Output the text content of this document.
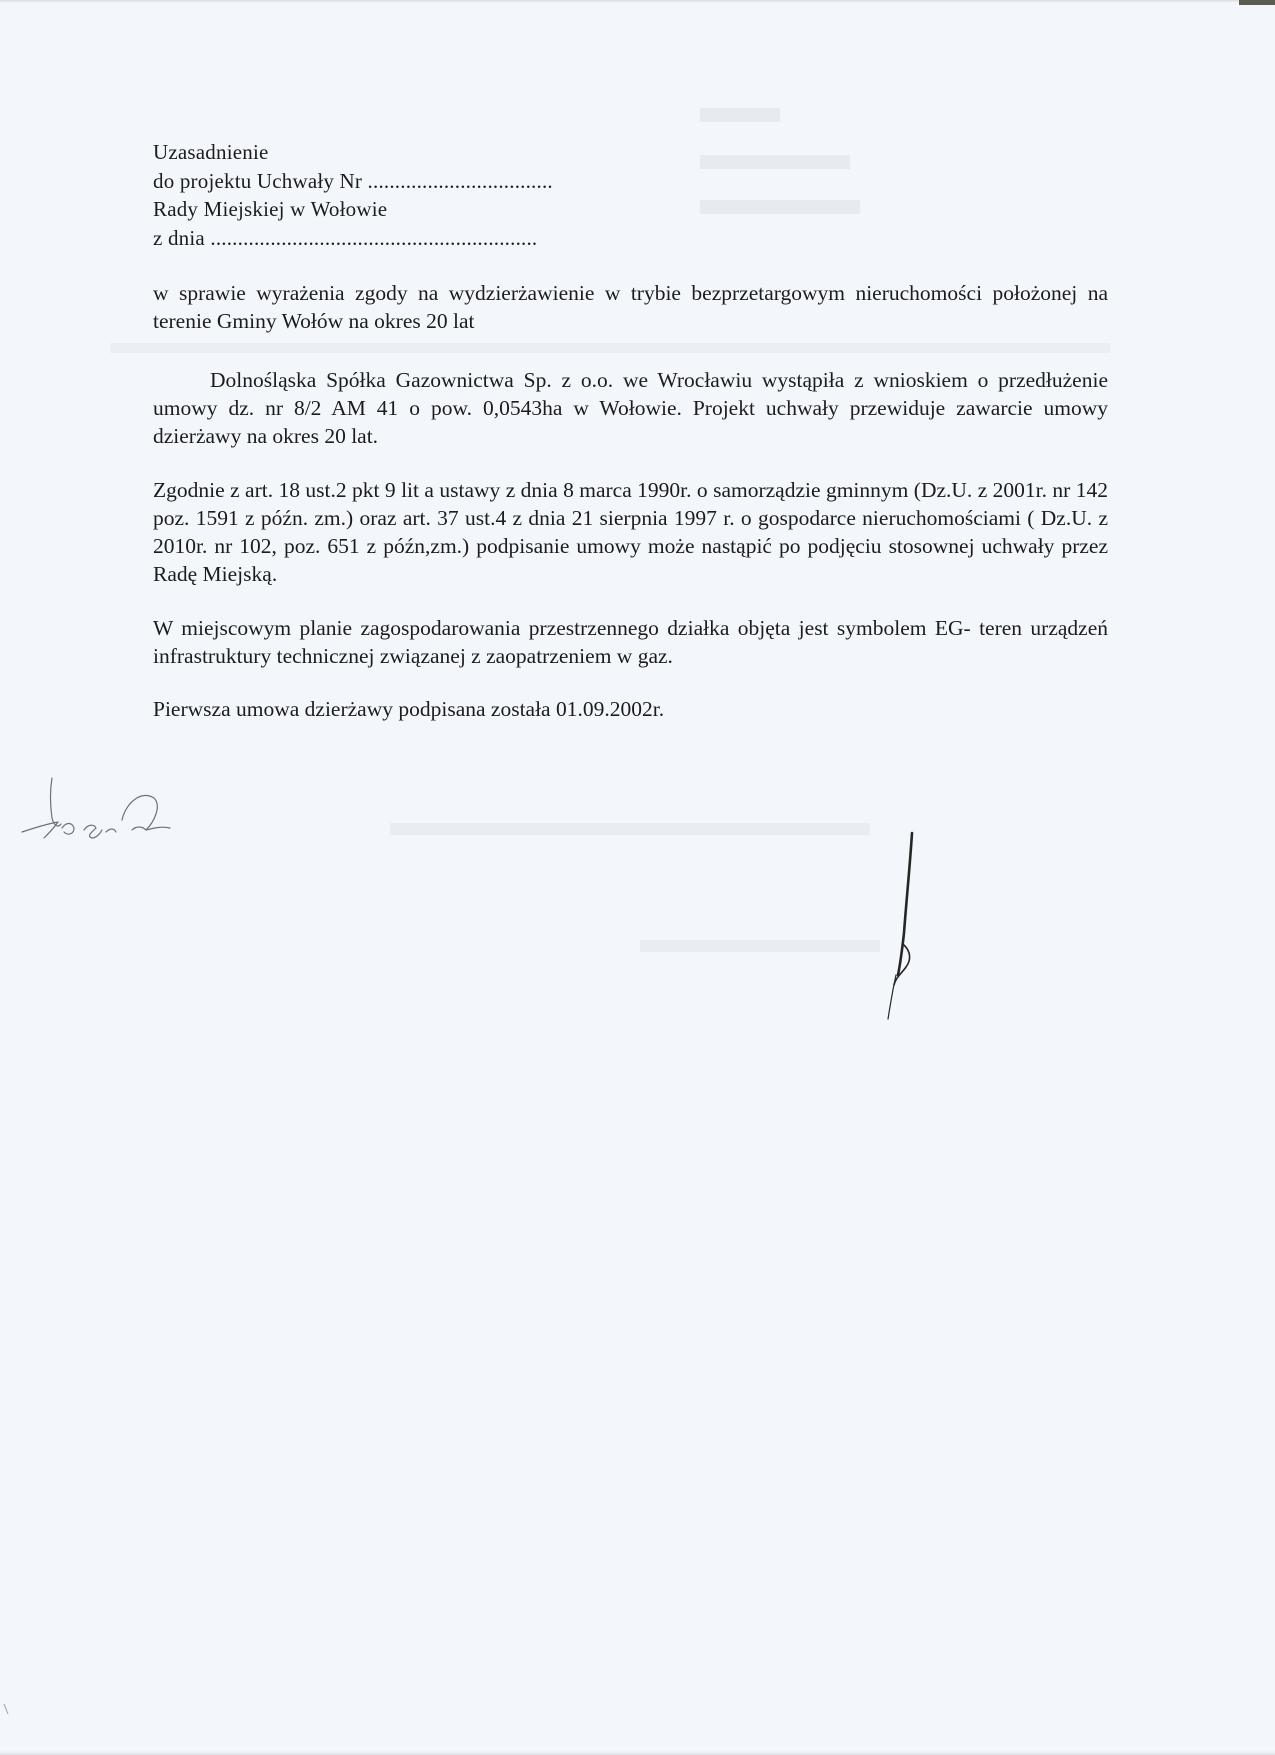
Uzasadnienie
do projektu Uchwały Nr ..................................
Rady Miejskiej w Wołowie
z dnia ............................................................
w sprawie wyrażenia zgody na wydzierżawienie w trybie bezprzetargowym nieruchomości położonej na terenie Gminy Wołów na okres 20 lat
Dolnośląska Spółka Gazownictwa Sp. z o.o. we Wrocławiu wystąpiła z wnioskiem o przedłużenie umowy dz. nr 8/2 AM 41 o pow. 0,0543ha w Wołowie. Projekt uchwały przewiduje zawarcie umowy dzierżawy na okres 20 lat.
Zgodnie z art. 18 ust.2 pkt 9 lit a ustawy z dnia 8 marca 1990r. o samorządzie gminnym (Dz.U. z 2001r. nr 142 poz. 1591 z późn. zm.) oraz art. 37 ust.4 z dnia 21 sierpnia 1997 r. o gospodarce nieruchomościami ( Dz.U. z 2010r. nr 102, poz. 651 z późn,zm.) podpisanie umowy może nastąpić po podjęciu stosownej uchwały przez Radę Miejską.
W miejscowym planie zagospodarowania przestrzennego działka objęta jest symbolem EG- teren urządzeń infrastruktury technicznej związanej z zaopatrzeniem w gaz.
Pierwsza umowa dzierżawy podpisana została 01.09.2002r.
